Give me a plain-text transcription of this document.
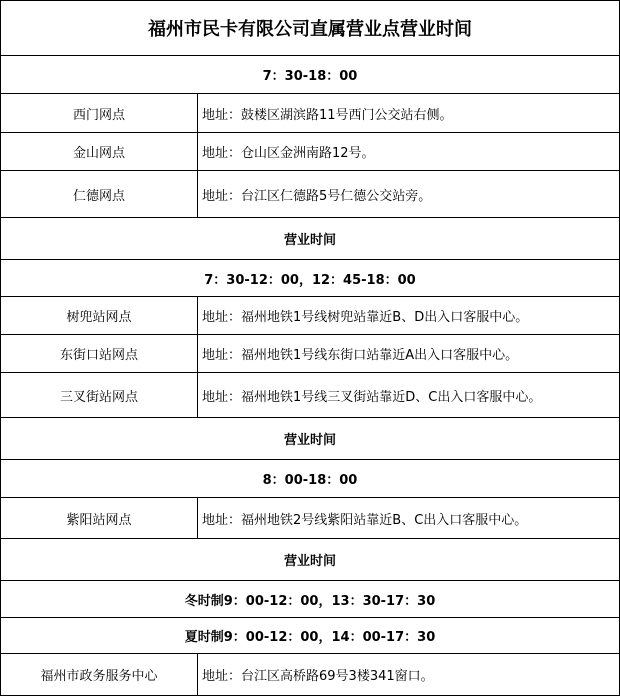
福州市民卡有限公司直属营业点营业时间
7：30-18：00
西门网点	地址：鼓楼区湖滨路11号西门公交站右侧。
金山网点	地址：仓山区金洲南路12号。
仁德网点	地址：台江区仁德路5号仁德公交站旁。
营业时间
7：30-12：00，12：45-18：00
树兜站网点	地址：福州地铁1号线树兜站靠近B、D出入口客服中心。
东街口站网点	地址：福州地铁1号线东街口站靠近A出入口客服中心。
三叉街站网点	地址：福州地铁1号线三叉街站靠近D、C出入口客服中心。
营业时间
8：00-18：00
紫阳站网点	地址：福州地铁2号线紫阳站靠近B、C出入口客服中心。
营业时间
冬时制 9：00-12：00，13：30-17：30
夏时制 9：00-12：00，14：00-17：30
福州市政务服务中心	地址：台江区高桥路69号3楼341窗口。
